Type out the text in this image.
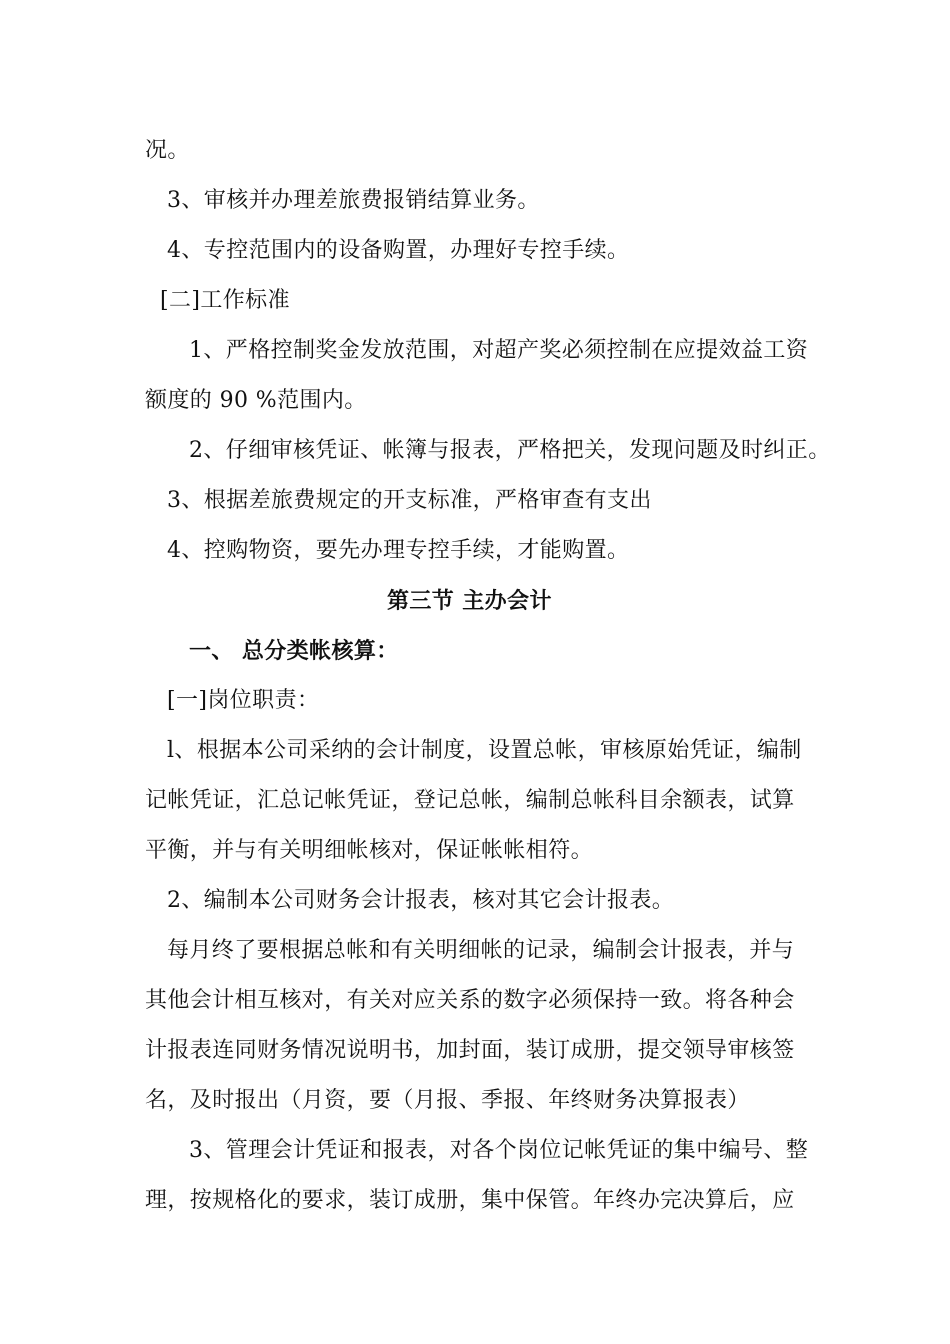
况。
3、审核并办理差旅费报销结算业务。
4、专控范围内的设备购置，办理好专控手续。
[二]工作标准
1、严格控制奖金发放范围，对超产奖必须控制在应提效益工资
额度的 90 %范围内。
2、仔细审核凭证、帐簿与报表，严格把关，发现问题及时纠正。
3、根据差旅费规定的开支标准，严格审查有支出
4、控购物资，要先办理专控手续，才能购置。
第三节 主办会计
一、 总分类帐核算：
[一]岗位职责：
l、根据本公司采纳的会计制度，设置总帐，审核原始凭证，编制
记帐凭证，汇总记帐凭证，登记总帐，编制总帐科目余额表，试算
平衡，并与有关明细帐核对，保证帐帐相符。
2、编制本公司财务会计报表，核对其它会计报表。
每月终了要根据总帐和有关明细帐的记录，编制会计报表，并与
其他会计相互核对，有关对应关系的数字必须保持一致。将各种会
计报表连同财务情况说明书，加封面，装订成册，提交领导审核签
名，及时报出（月资，要（月报、季报、年终财务决算报表）
3、管理会计凭证和报表，对各个岗位记帐凭证的集中编号、整
理，按规格化的要求，装订成册，集中保管。年终办完决算后，应
